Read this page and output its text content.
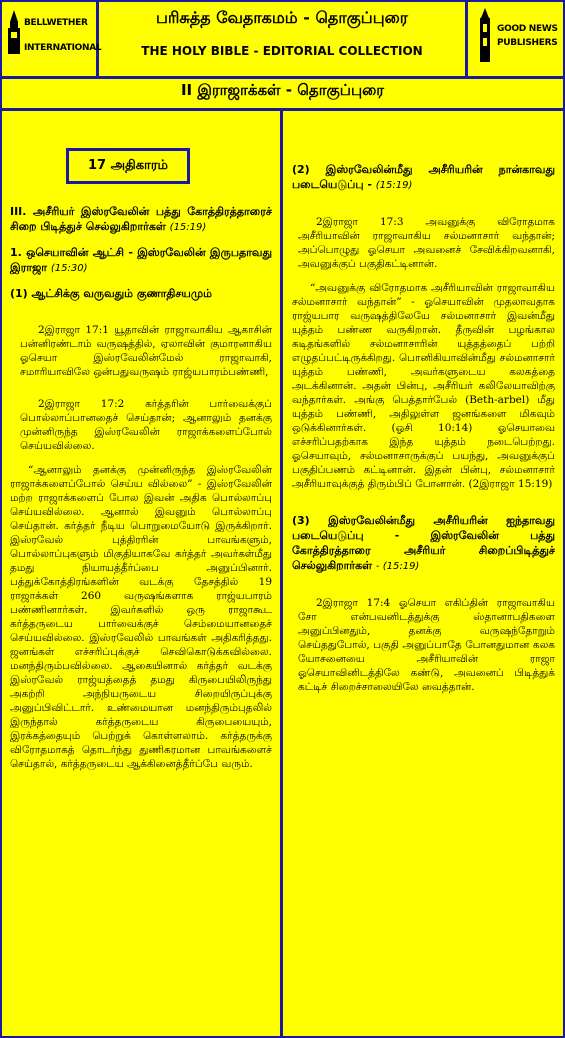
BELLWETHER
INTERNATIONAL
பரிசுத்த வேதாகமம் - தொகுப்புரை
THE HOLY BIBLE - EDITORIAL COLLECTION
GOOD NEWS
PUBLISHERS
II இராஜாக்கள் - தொகுப்புரை
17 அதிகாரம்

III. அசீரியர் இஸ்ரவேலின் பத்து கோத்திரத்தாரைச் சிறை பிடித்துச் செல்லுகிறார்கள் (15:19)

1. ஒசெயாவின் ஆட்சி - இஸ்ரவேலின் இருபதாவது இராஜா (15:30)

(1) ஆட்சிக்கு வருவதும் குணாதிசயமும்

2இராஜா 17:1 யூதாவின் ராஜாவாகிய ஆகாசின் பன்னிரண்டாம் வருஷத்தில், ஏலாவின் குமாரனாகிய ஓசெயா இஸ்ரவேலின்மேல் ராஜாவாகி, சமாரியாவிலே ஒன்பதுவருஷம் ராஜ்யபாரம்பண்ணி,

2இராஜா 17:2 கர்த்தரின் பார்வைக்குப் பொல்லாப்பானதைச் செய்தான்; ஆனாலும் தனக்கு முன்னிருந்த இஸ்ரவேலின் ராஜாக்களைப்போல் செய்யவில்லை.

“ஆனாலும் தனக்கு முன்னிருந்த இஸ்ரவேலின் ராஜாக்களைப்போல் செய்ய வில்லை” - இஸ்ரவேலின் மற்ற ராஜாக்களைப் போல இவன் அதிக பொல்லாப்பு செய்யவில்லை. ஆனால் இவனும் பொல்லாப்பு செய்தான். கர்த்தர் நீடிய பொறுமையோடு இருக்கிறார். இஸ்ரவேல் புத்திரரின் பாவங்களும், பொல்லாப்புகளும் மிகுதியாகவே கர்த்தர் அவர்கள்மீது தமது நியாயத்தீர்ப்பை அனுப்பினார். பத்துக்கோத்திரங்களின் வடக்கு தேசத்தில் 19 ராஜாக்கள் 260 வருஷங்களாக ராஜ்யபாரம் பண்ணினார்கள். இவர்களில் ஒரு ராஜாகூட கர்த்தருடைய பார்வைக்குச் செம்மையானதைச் செய்யவில்லை. இஸ்ரவேலில் பாவங்கள் அதிகரித்தது. ஜனங்கள் எச்சரிப்புக்குச் செவிகொடுக்கவில்லை. மனந்திரும்பவில்லை. ஆகையினால் கர்த்தர் வடக்கு இஸ்ரவேல் ராஜ்யத்தைத் தமது கிருபையிலிருந்து அகற்றி அந்நியருடைய சிறையிருப்புக்கு அனுப்பிவிட்டார். உண்மையான மனந்திரும்புதலில் இருந்தால் கர்த்தருடைய கிருபையையும், இரக்கத்தையும் பெற்றுக் கொள்ளலாம். கர்த்தருக்கு விரோதமாகத் தொடர்ந்து துணிகரமான பாவங்களைச் செய்தால், கர்த்தருடைய ஆக்கினைத்தீர்ப்பே வரும்.

(2) இஸ்ரவேலின்மீது அசீரியரின் நான்காவது படையெடுப்பு - (15:19)

2இராஜா 17:3 அவனுக்கு விரோதமாக அசீரியாவின் ராஜாவாகிய சல்மனாசார் வந்தான்; அப்பொழுது ஓசெயா அவனைச் சேவிக்கிறவனாகி, அவனுக்குப் பகுதிகட்டினான்.

“அவனுக்கு விரோதமாக அசீரியாவின் ராஜாவாகிய சல்மனாசார் வந்தான்” - ஓசெயாவின் முதலாவதாக ராஜ்யபார வருஷத்திலேயே சல்மனாசார் இவன்மீது யுத்தம் பண்ண வருகிறான். தீருவின் பழங்கால கடிதங்களில் சல்மனாசாரின் யுத்தத்தைப் பற்றி எழுதப்பட்டிருக்கிறது. பொனிகியாவின்மீது சல்மனாசார் யுத்தம் பண்ணி, அவர்களுடைய கலகத்தை அடக்கினான். அதன் பின்பு, அசீரியர் கலிலேயாவிற்கு வந்தார்கள். அங்கு பெத்தார்பேல் (Beth-arbel) மீது யுத்தம் பண்ணி, அதிலுள்ள ஜனங்களை மிகவும் ஒடுக்கினார்கள். (ஓசி 10:14) ஓசெயாவை எச்சரிப்பதற்காக இந்த யுத்தம் நடைபெற்றது. ஓசெயாவும், சல்மனாசாருக்குப் பயந்து, அவனுக்குப் பகுதிப்பணம் கட்டினான். இதன் பின்பு, சல்மனாசார் அசீரியாவுக்குத் திரும்பிப் போனான். (2இராஜா 15:19)

(3) இஸ்ரவேலின்மீது அசீரியரின் ஐந்தாவது படையெடுப்பு - இஸ்ரவேலின் பத்து கோத்திரத்தாரை அசீரியர் சிறைப்பிடித்துச் செல்லுகிறார்கள் - (15:19)

2இராஜா 17:4 ஓசெயா எகிப்தின் ராஜாவாகிய சோ என்பவனிடத்துக்கு ஸ்தானாபதிகளை அனுப்பினதும், தனக்கு வருஷந்தோறும் செய்ததுபோல், பகுதி அனுப்பாதே போனதுமான கலக யோசனையை அசீரியாவின் ராஜா ஓசெயாவினிடத்திலே கண்டு, அவனைப் பிடித்துக் கட்டிச் சிறைச்சாலையிலே வைத்தான்.
